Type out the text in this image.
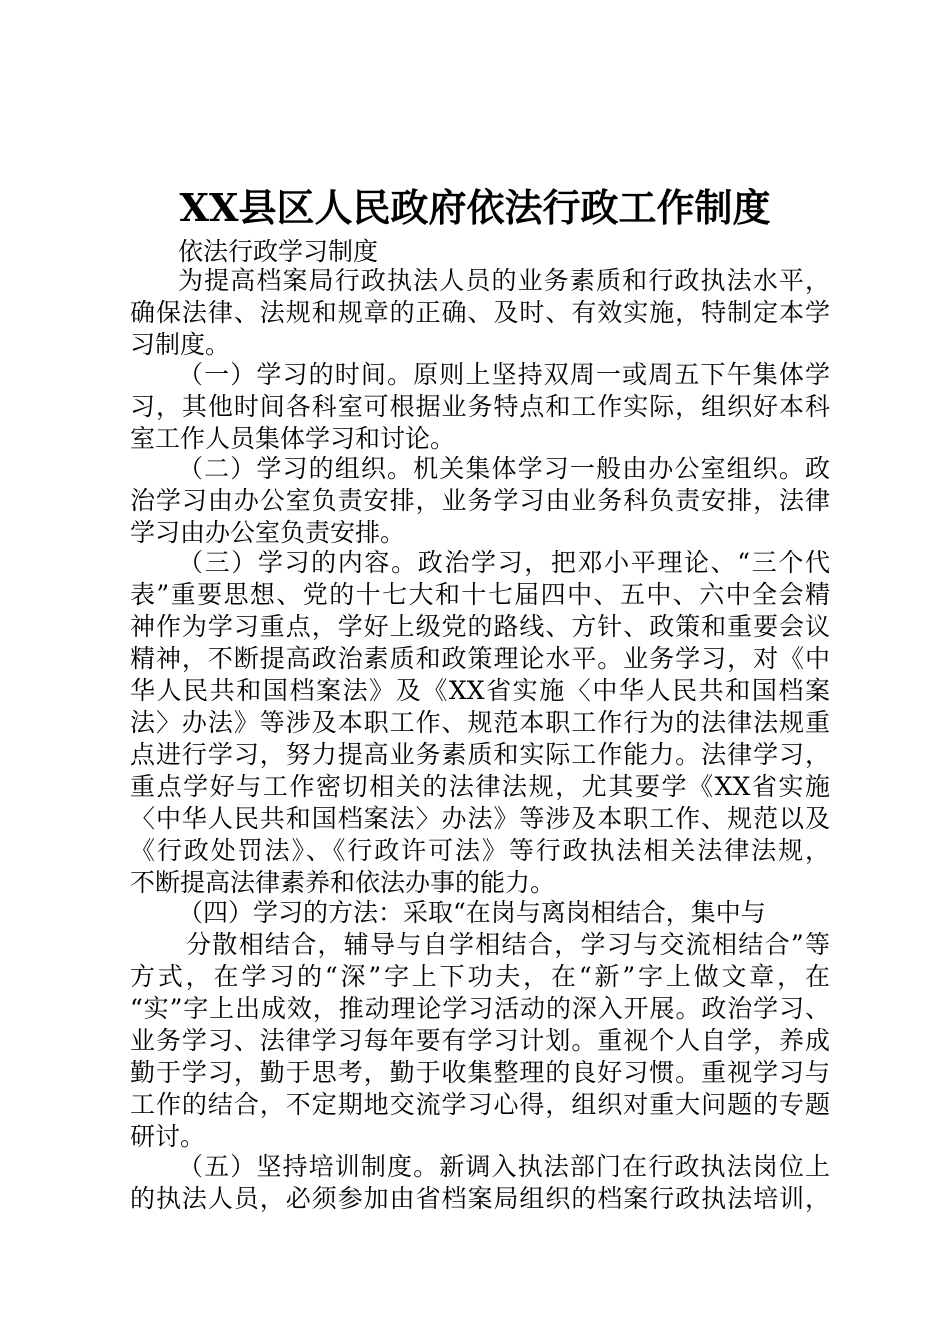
XX县区人民政府依法行政工作制度

依法行政学习制度

为提高档案局行政执法人员的业务素质和行政执法水平，

确保法律、法规和规章的正确、及时、有效实施，特制定本学

习制度。

（一）学习的时间。原则上坚持双周一或周五下午集体学

习，其他时间各科室可根据业务特点和工作实际，组织好本科

室工作人员集体学习和讨论。

（二）学习的组织。机关集体学习一般由办公室组织。政

治学习由办公室负责安排，业务学习由业务科负责安排，法律

学习由办公室负责安排。

（三）学习的内容。政治学习，把邓小平理论、“三个代

表”重要思想、党的十七大和十七届四中、五中、六中全会精

神作为学习重点，学好上级党的路线、方针、政策和重要会议

精神，不断提高政治素质和政策理论水平。业务学习，对《中

华人民共和国档案法》及《XX省实施〈中华人民共和国档案

法〉办法》等涉及本职工作、规范本职工作行为的法律法规重

点进行学习，努力提高业务素质和实际工作能力。法律学习，

重点学好与工作密切相关的法律法规，尤其要学《XX省实施

〈中华人民共和国档案法〉办法》等涉及本职工作、规范以及

《行政处罚法》、《行政许可法》等行政执法相关法律法规，

不断提高法律素养和依法办事的能力。

（四）学习的方法：采取“在岗与离岗相结合，集中与

分散相结合，辅导与自学相结合，学习与交流相结合”等

方式，在学习的“深”字上下功夫，在“新”字上做文章，在

“实”字上出成效，推动理论学习活动的深入开展。政治学习、

业务学习、法律学习每年要有学习计划。重视个人自学，养成

勤于学习，勤于思考，勤于收集整理的良好习惯。重视学习与

工作的结合，不定期地交流学习心得，组织对重大问题的专题

研讨。

（五）坚持培训制度。新调入执法部门在行政执法岗位上

的执法人员，必须参加由省档案局组织的档案行政执法培训，
